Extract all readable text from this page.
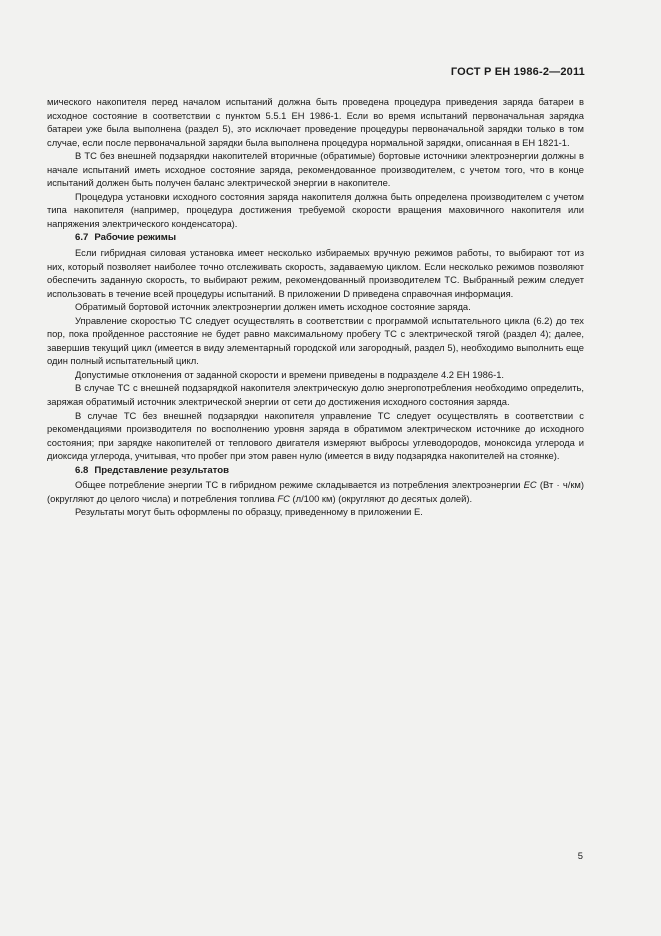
ГОСТ Р ЕН 1986-2—2011

мического накопителя перед началом испытаний должна быть проведена процедура приведения заряда батареи в исходное состояние в соответствии с пунктом 5.5.1 ЕН 1986-1. Если во время испытаний первоначальная зарядка батареи уже была выполнена (раздел 5), это исключает проведение процедуры первоначальной зарядки только в том случае, если после первоначальной зарядки была выполнена процедура нормальной зарядки, описанная в ЕН 1821-1.

В ТС без внешней подзарядки накопителей вторичные (обратимые) бортовые источники электроэнергии должны в начале испытаний иметь исходное состояние заряда, рекомендованное производителем, с учетом того, что в конце испытаний должен быть получен баланс электрической энергии в накопителе.

Процедура установки исходного состояния заряда накопителя должна быть определена производителем с учетом типа накопителя (например, процедура достижения требуемой скорости вращения маховичного накопителя или напряжения электрического конденсатора).

6.7 Рабочие режимы

Если гибридная силовая установка имеет несколько избираемых вручную режимов работы, то выбирают тот из них, который позволяет наиболее точно отслеживать скорость, задаваемую циклом. Если несколько режимов позволяют обеспечить заданную скорость, то выбирают режим, рекомендованный производителем ТС. Выбранный режим следует использовать в течение всей процедуры испытаний. В приложении D приведена справочная информация.

Обратимый бортовой источник электроэнергии должен иметь исходное состояние заряда.

Управление скоростью ТС следует осуществлять в соответствии с программой испытательного цикла (6.2) до тех пор, пока пройденное расстояние не будет равно максимальному пробегу ТС с электрической тягой (раздел 4); далее, завершив текущий цикл (имеется в виду элементарный городской или загородный, раздел 5), необходимо выполнить еще один полный испытательный цикл.

Допустимые отклонения от заданной скорости и времени приведены в подразделе 4.2 ЕН 1986-1.

В случае ТС с внешней подзарядкой накопителя электрическую долю энергопотребления необходимо определить, заряжая обратимый источник электрической энергии от сети до достижения исходного состояния заряда.

В случае ТС без внешней подзарядки накопителя управление ТС следует осуществлять в соответствии с рекомендациями производителя по восполнению уровня заряда в обратимом электрическом источнике до исходного состояния; при зарядке накопителей от теплового двигателя измеряют выбросы углеводородов, моноксида углерода и диоксида углерода, учитывая, что пробег при этом равен нулю (имеется в виду подзарядка накопителей на стоянке).

6.8 Представление результатов

Общее потребление энергии ТС в гибридном режиме складывается из потребления электроэнергии EC (Вт · ч/км) (округляют до целого числа) и потребления топлива FC (л/100 км) (округляют до десятых долей).

Результаты могут быть оформлены по образцу, приведенному в приложении E.

5
